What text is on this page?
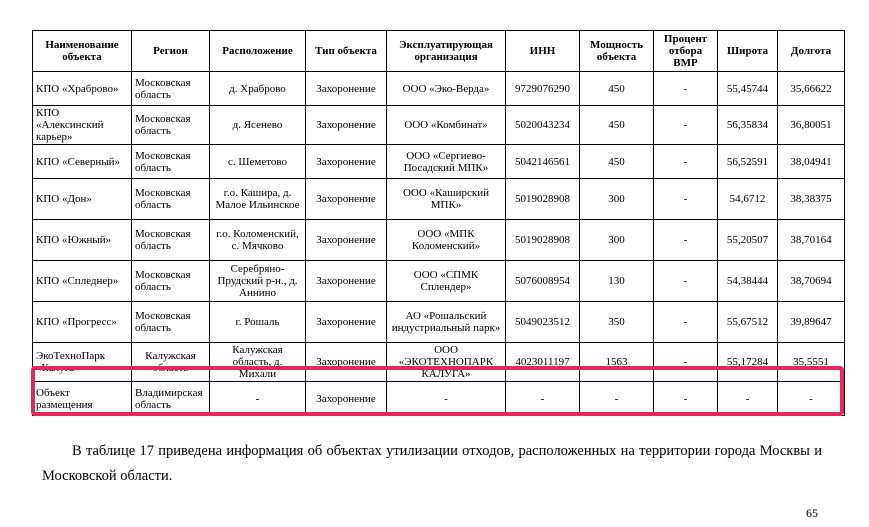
Наименование объекта	Регион	Расположение	Тип объекта	Эксплуатирующая организация	ИНН	Мощность объекта	Процент отбора ВМР	Широта	Долгота
КПО «Храброво»	Московская область	д. Храброво	Захоронение	ООО «Эко-Верда»	9729076290	450	-	55,45744	35,66622
КПО «Алексинский карьер»	Московская область	д. Ясенево	Захоронение	ООО «Комбинат»	5020043234	450	-	56,35834	36,80051
КПО «Северный»	Московская область	с. Шеметово	Захоронение	ООО «Сергиево-Посадский МПК»	5042146561	450	-	56,52591	38,04941
КПО «Дон»	Московская область	г.о. Кашира, д. Малое Ильинское	Захоронение	ООО «Каширский МПК»	5019028908	300	-	54,6712	38,38375
КПО «Южный»	Московская область	г.о. Коломенский, с. Мячково	Захоронение	ООО «МПК Коломенский»	5019028908	300	-	55,20507	38,70164
КПО «Спледнер»	Московская область	Серебряно-Прудский р-н., д. Аннино	Захоронение	ООО «СПМК Сплендер»	5076008954	130	-	54,38444	38,70694
КПО «Прогресс»	Московская область	г. Рошаль	Захоронение	АО «Рошальский индустриальный парк»	5049023512	350	-	55,67512	39,89647
ЭкоТехноПарк «Калуга»	Калужская область	Калужская область, д. Михали	Захоронение	ООО «ЭКОТЕХНОПАРК КАЛУГА»	4023011197	1563	-	55,17284	35,5551
Объект размещения	Владимирская область	-	Захоронение	-	-	-	-	-	-

В таблице 17 приведена информация об объектах утилизации отходов, расположенных на территории города Москвы и Московской области.

65
